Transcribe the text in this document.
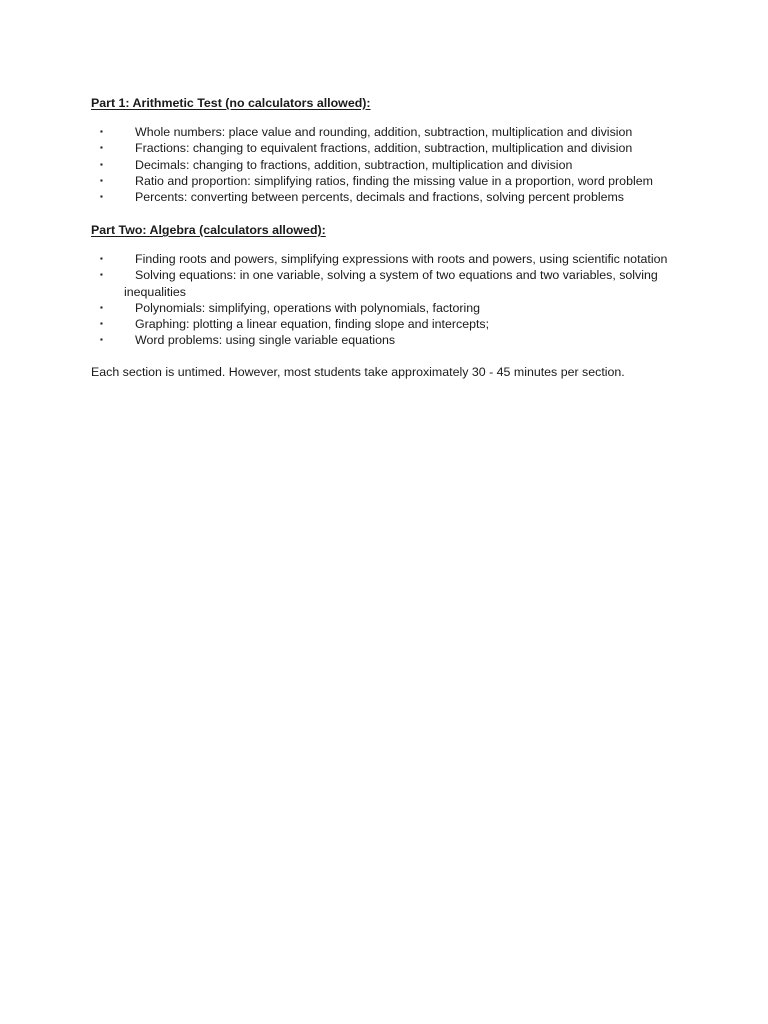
Part 1: Arithmetic Test (no calculators allowed):
▪	Whole numbers: place value and rounding, addition, subtraction, multiplication and division
▪	Fractions: changing to equivalent fractions, addition, subtraction, multiplication and division
▪	Decimals: changing to fractions, addition, subtraction, multiplication and division
▪	Ratio and proportion: simplifying ratios, finding the missing value in a proportion, word problem
▪	Percents: converting between percents, decimals and fractions, solving percent problems
Part Two: Algebra (calculators allowed):
▪	Finding roots and powers, simplifying expressions with roots and powers, using scientific notation
▪	Solving equations: in one variable, solving a system of two equations and two variables, solving inequalities
▪	Polynomials: simplifying, operations with polynomials, factoring
▪	Graphing: plotting a linear equation, finding slope and intercepts;
▪	Word problems: using single variable equations
Each section is untimed. However, most students take approximately 30 - 45 minutes per section.
